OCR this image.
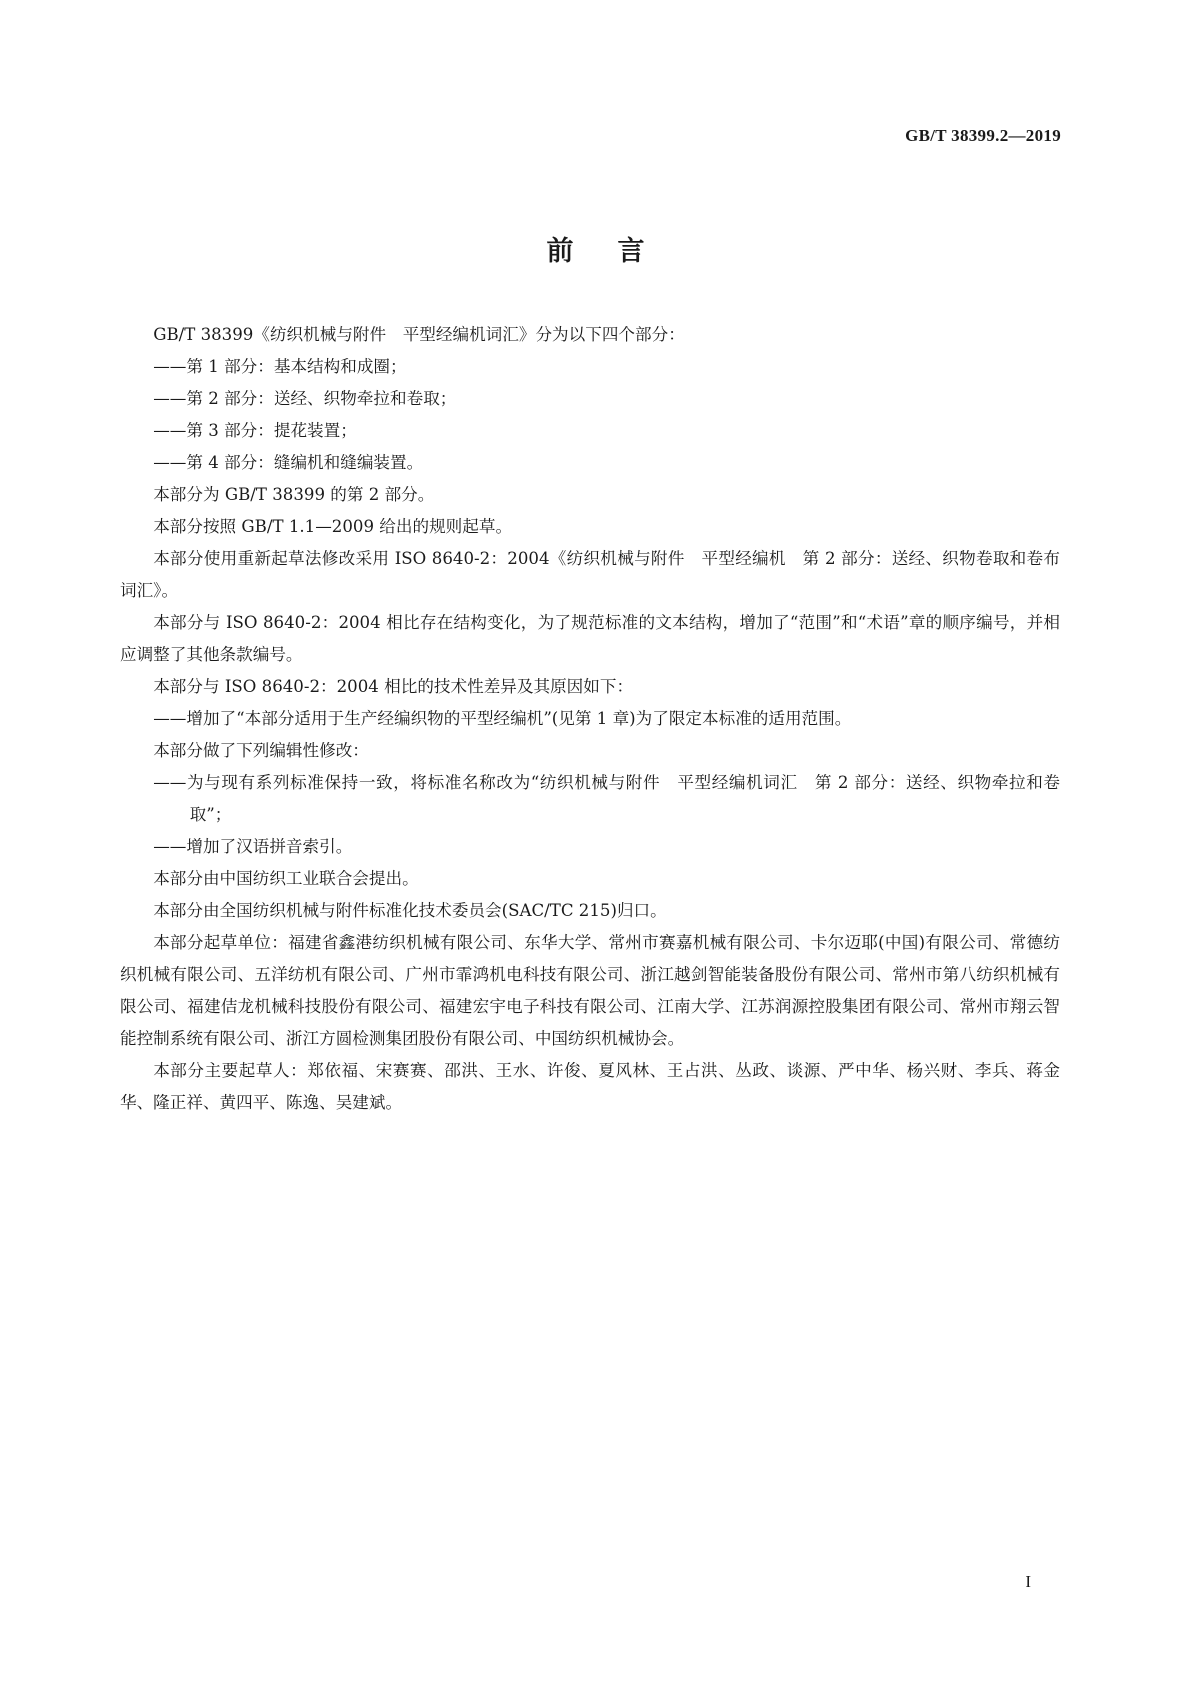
GB/T 38399.2—2019
前言

GB/T 38399《纺织机械与附件　平型经编机词汇》分为以下四个部分：

——第 1 部分：基本结构和成圈；

——第 2 部分：送经、织物牵拉和卷取；

——第 3 部分：提花装置；

——第 4 部分：缝编机和缝编装置。

本部分为 GB/T 38399 的第 2 部分。

本部分按照 GB/T 1.1—2009 给出的规则起草。

本部分使用重新起草法修改采用 ISO 8640-2：2004《纺织机械与附件　平型经编机　第 2 部分：送经、织物卷取和卷布词汇》。

本部分与 ISO 8640-2：2004 相比存在结构变化，为了规范标准的文本结构，增加了“范围”和“术语”章的顺序编号，并相应调整了其他条款编号。

本部分与 ISO 8640-2：2004 相比的技术性差异及其原因如下：

——增加了“本部分适用于生产经编织物的平型经编机”(见第 1 章)为了限定本标准的适用范围。

本部分做了下列编辑性修改：

——为与现有系列标准保持一致，将标准名称改为“纺织机械与附件　平型经编机词汇　第 2 部分：送经、织物牵拉和卷取”；

——增加了汉语拼音索引。

本部分由中国纺织工业联合会提出。

本部分由全国纺织机械与附件标准化技术委员会(SAC/TC 215)归口。

本部分起草单位：福建省鑫港纺织机械有限公司、东华大学、常州市赛嘉机械有限公司、卡尔迈耶(中国)有限公司、常德纺织机械有限公司、五洋纺机有限公司、广州市霏鸿机电科技有限公司、浙江越剑智能装备股份有限公司、常州市第八纺织机械有限公司、福建佶龙机械科技股份有限公司、福建宏宇电子科技有限公司、江南大学、江苏润源控股集团有限公司、常州市翔云智能控制系统有限公司、浙江方圆检测集团股份有限公司、中国纺织机械协会。

本部分主要起草人：郑依福、宋赛赛、邵洪、王水、许俊、夏风林、王占洪、丛政、谈源、严中华、杨兴财、李兵、蒋金华、隆正祥、黄四平、陈逸、吴建斌。

I
